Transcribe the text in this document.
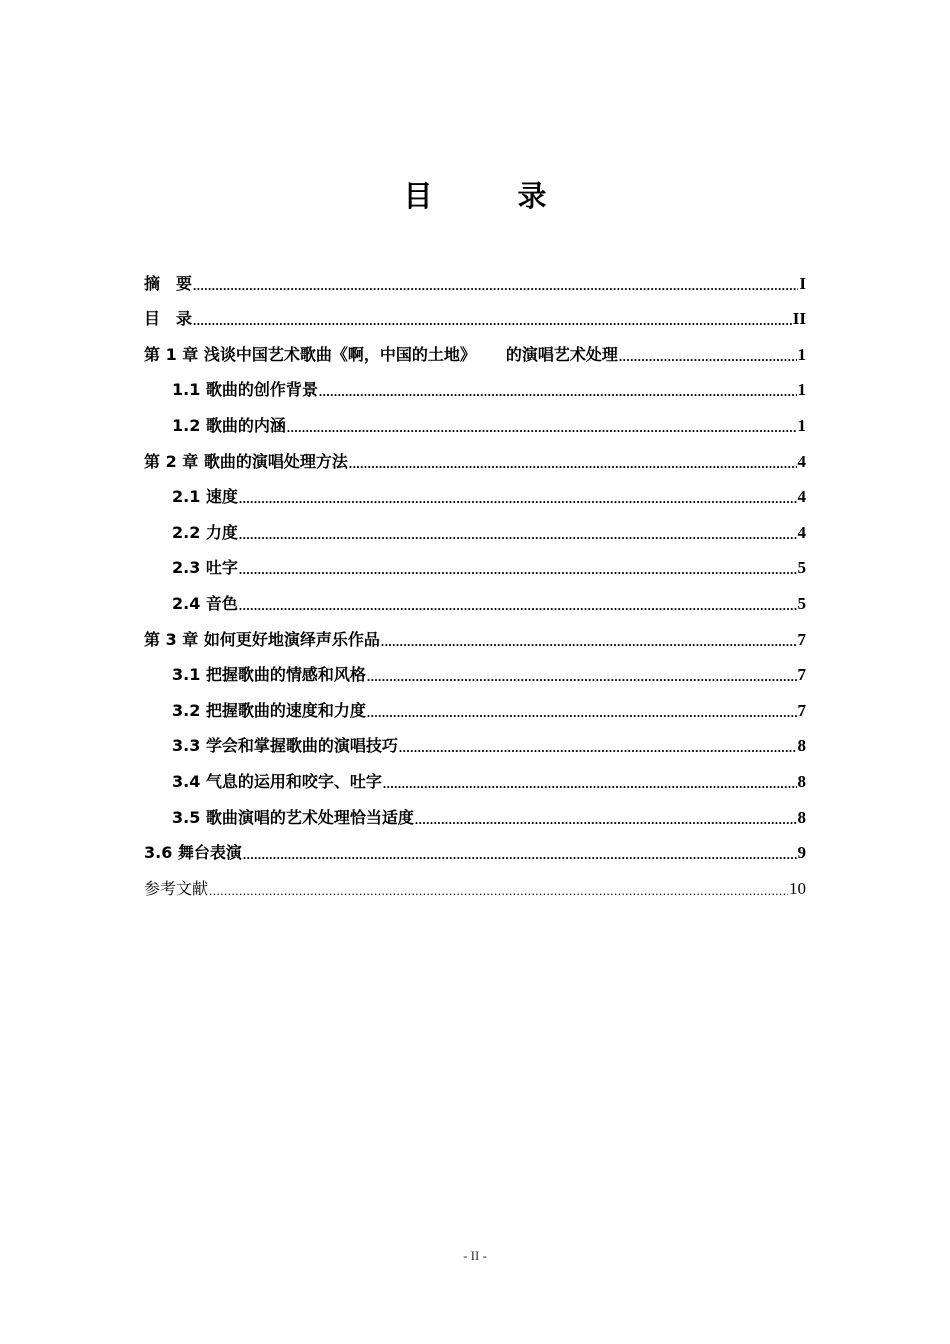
目　录
摘　要 .....	I
目　录 .....	II
第 1 章 浅谈中国艺术歌曲《啊，中国的土地》 的演唱艺术处理 .....	1
1.1 歌曲的创作背景 .....	1
1.2 歌曲的内涵 .....	1
第 2 章 歌曲的演唱处理方法 .....	4
2.1 速度 .....	4
2.2 力度 .....	4
2.3 吐字 .....	5
2.4 音色 .....	5
第 3 章 如何更好地演绎声乐作品 .....	7
3.1 把握歌曲的情感和风格 .....	7
3.2 把握歌曲的速度和力度 .....	7
3.3 学会和掌握歌曲的演唱技巧 .....	8
3.4 气息的运用和咬字、吐字 .....	8
3.5 歌曲演唱的艺术处理恰当适度 .....	8
3.6 舞台表演 .....	9
参考文献 .....	10
- II -
